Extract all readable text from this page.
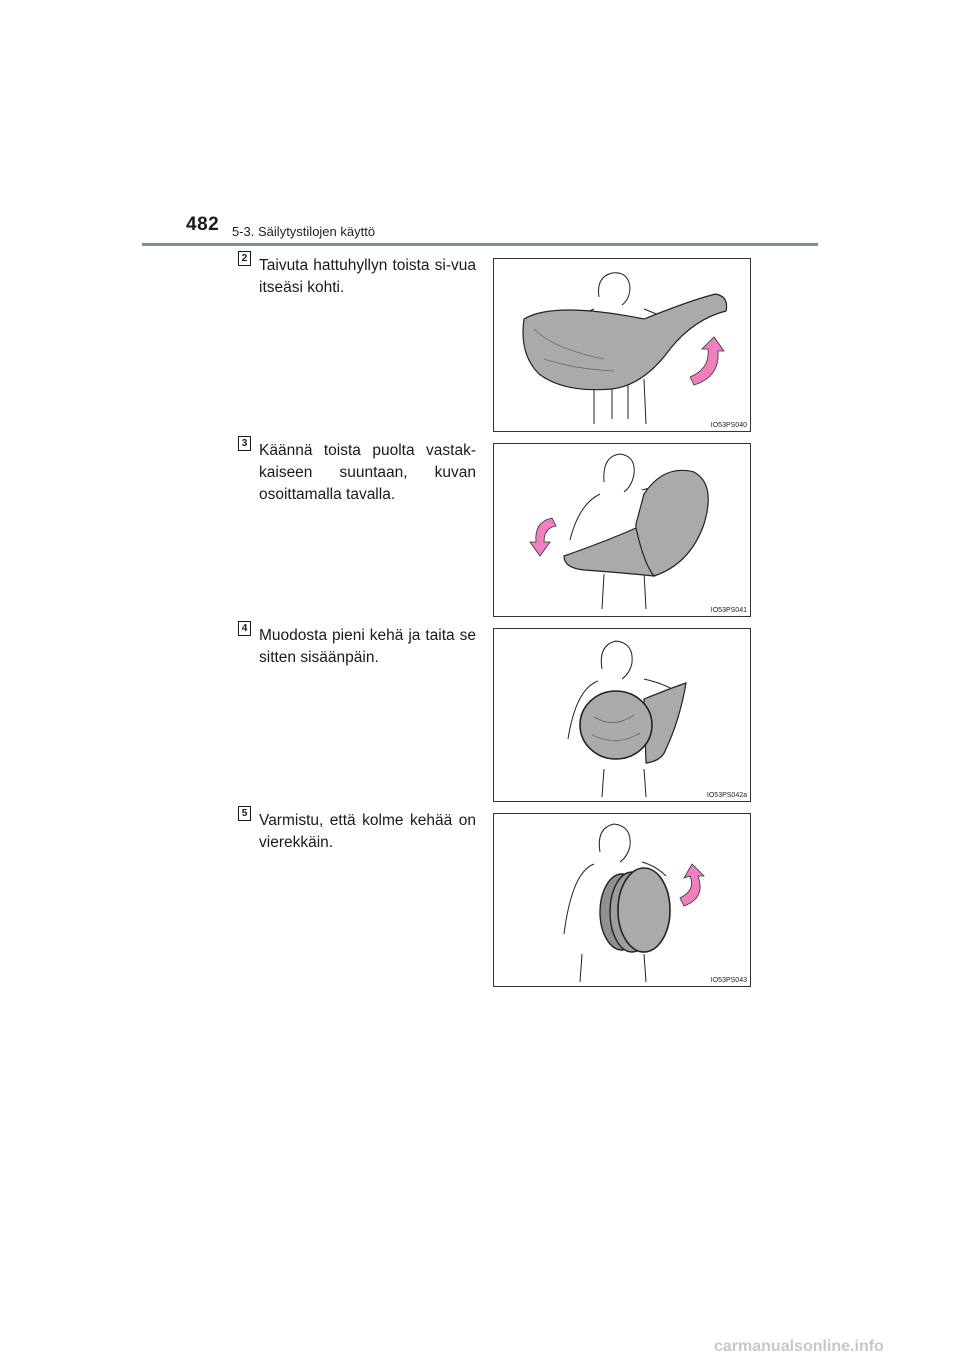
482 5-3. Säilytystilojen käyttö
2 Taivuta hattuhyllyn toista si-vua itseäsi kohti.
IO53PS040
3 Käännä toista puolta vastak-kaiseen suuntaan, kuvan osoittamalla tavalla.
IO53PS041
4 Muodosta pieni kehä ja taita se sitten sisäänpäin.
IO53PS042a
5 Varmistu, että kolme kehää on vierekkäin.
IO53PS043
carmanualsonline.info
